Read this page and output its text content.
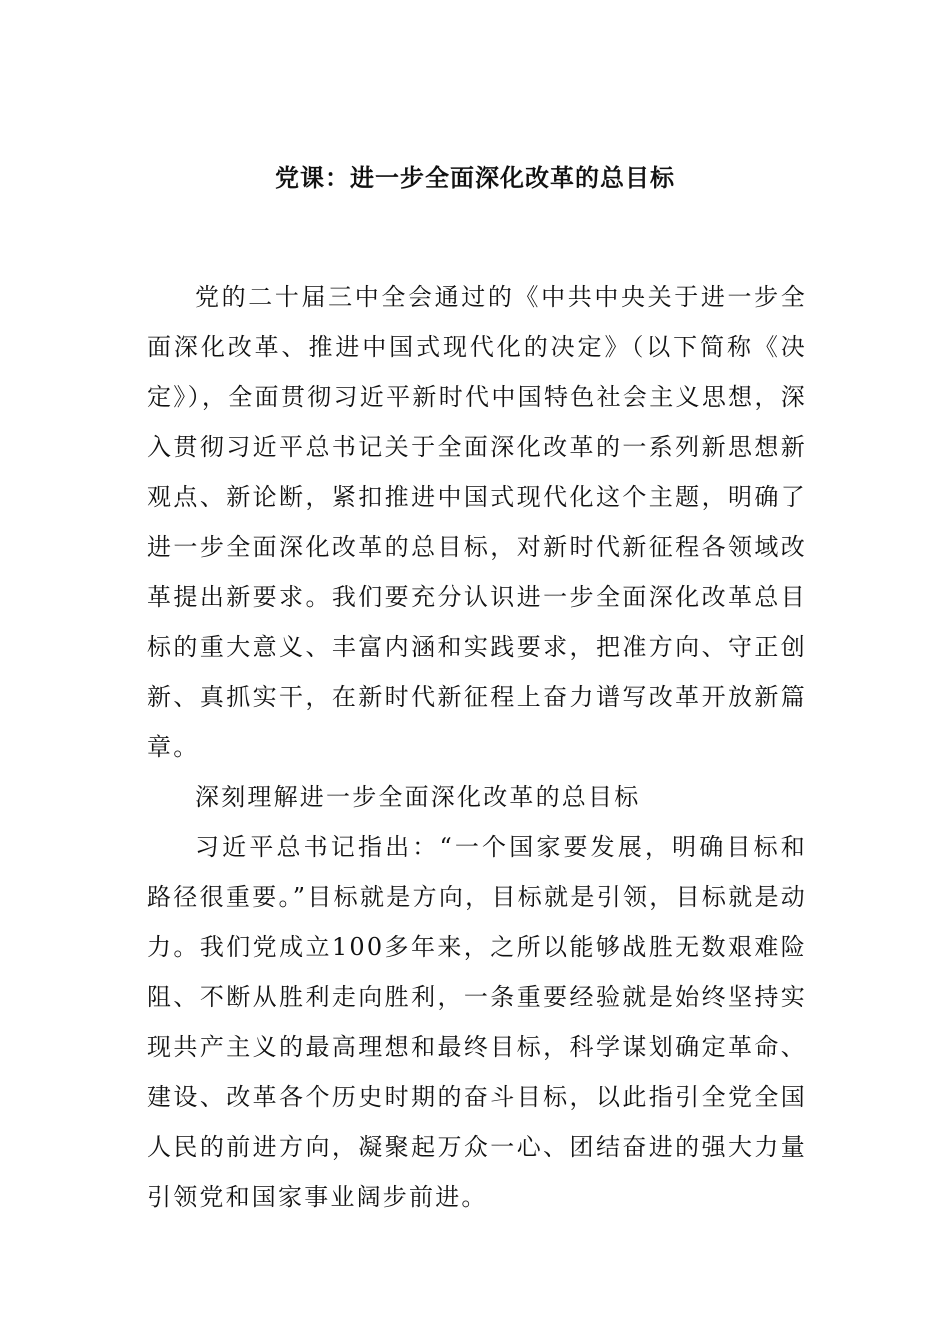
党课：进一步全面深化改革的总目标

党的二十届三中全会通过的《中共中央关于进一步全面深化改革、推进中国式现代化的决定》（以下简称《决定》），全面贯彻习近平新时代中国特色社会主义思想，深入贯彻习近平总书记关于全面深化改革的一系列新思想新观点、新论断，紧扣推进中国式现代化这个主题，明确了进一步全面深化改革的总目标，对新时代新征程各领域改革提出新要求。我们要充分认识进一步全面深化改革总目标的重大意义、丰富内涵和实践要求，把准方向、守正创新、真抓实干，在新时代新征程上奋力谱写改革开放新篇章。

深刻理解进一步全面深化改革的总目标

习近平总书记指出：“一个国家要发展，明确目标和路径很重要。”目标就是方向，目标就是引领，目标就是动力。我们党成立100多年来，之所以能够战胜无数艰难险阻、不断从胜利走向胜利，一条重要经验就是始终坚持实现共产主义的最高理想和最终目标，科学谋划确定革命、建设、改革各个历史时期的奋斗目标，以此指引全党全国人民的前进方向，凝聚起万众一心、团结奋进的强大力量引领党和国家事业阔步前进。
